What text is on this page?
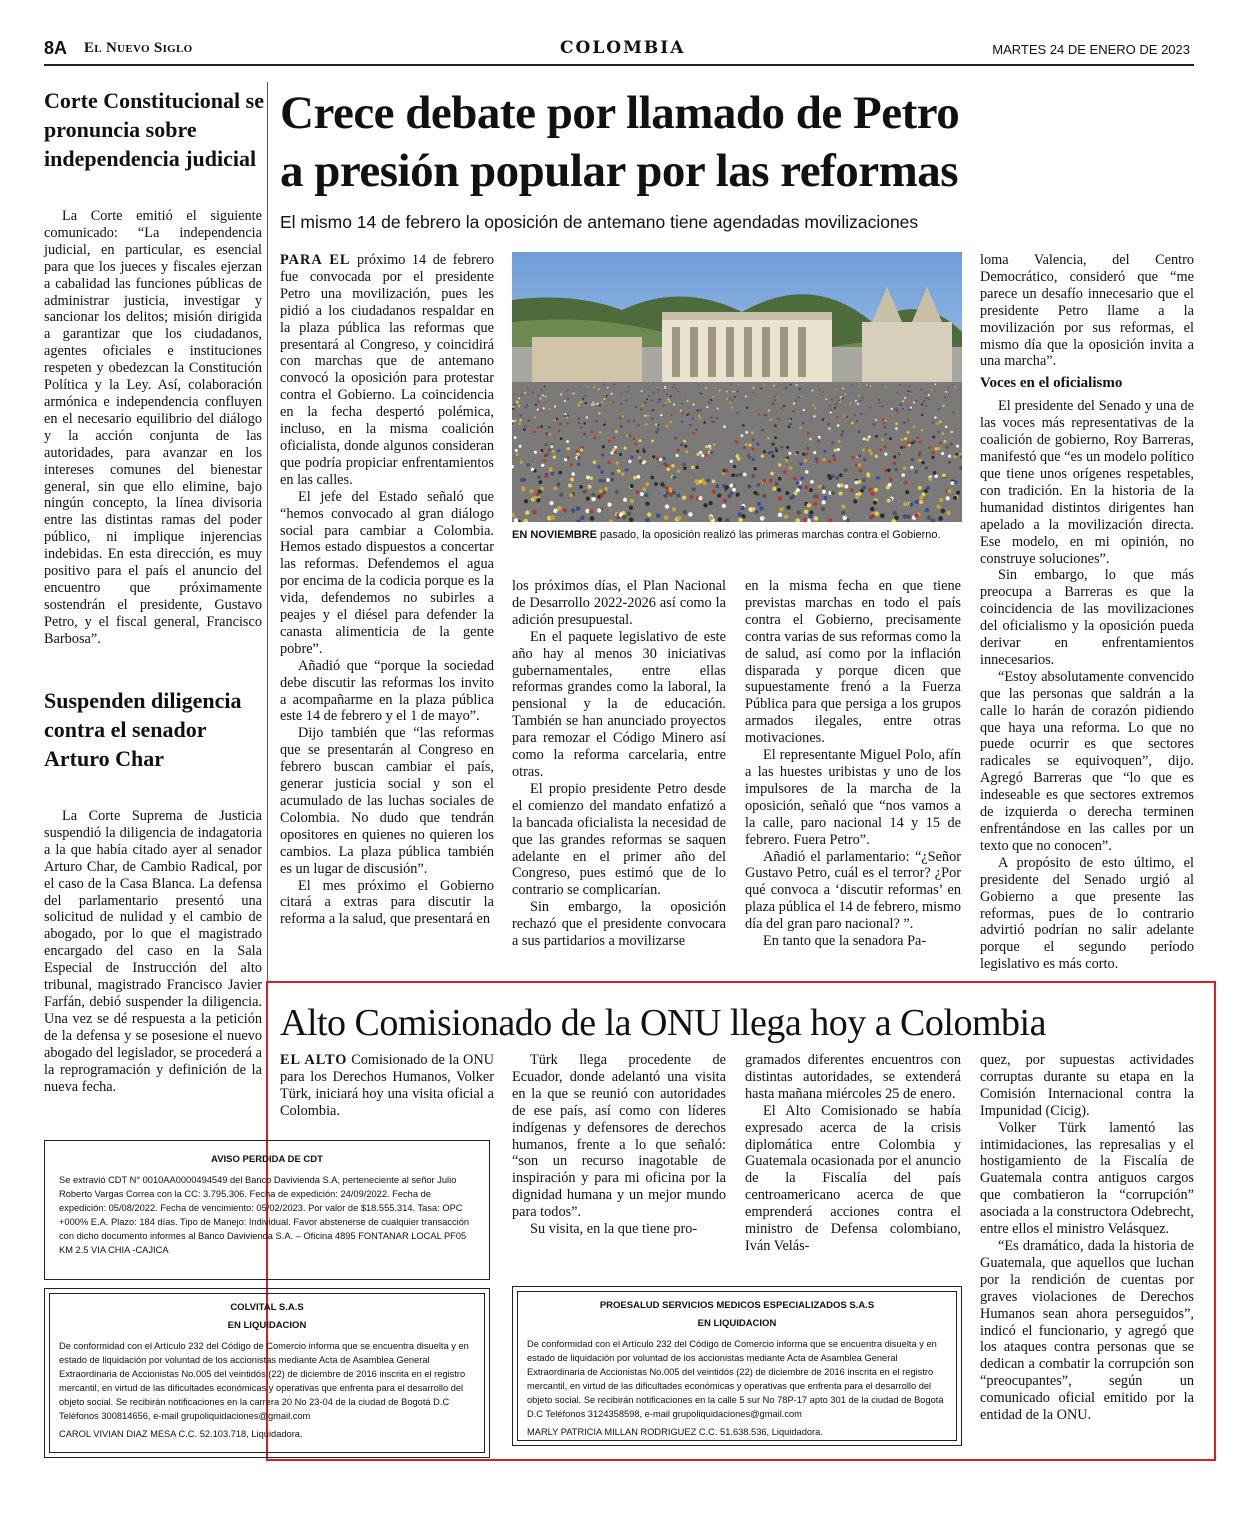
8A El Nuevo Siglo	COLOMBIA	MARTES 24 DE ENERO DE 2023
Corte Constitucional se pronuncia sobre independencia judicial

La Corte emitió el siguiente comunicado: “La independencia judicial, en particular, es esencial para que los jueces y fiscales ejerzan a cabalidad las funciones públicas de administrar justicia, investigar y sancionar los delitos; misión dirigida a garantizar que los ciudadanos, agentes oficiales e instituciones respeten y obedezcan la Constitución Política y la Ley. Así, colaboración armónica e independencia confluyen en el necesario equilibrio del diálogo y la acción conjunta de las autoridades, para avanzar en los intereses comunes del bienestar general, sin que ello elimine, bajo ningún concepto, la línea divisoria entre las distintas ramas del poder público, ni implique injerencias indebidas. En esta dirección, es muy positivo para el país el anuncio del encuentro que próximamente sostendrán el presidente, Gustavo Petro, y el fiscal general, Francisco Barbosa”.

Suspenden diligencia contra el senador Arturo Char

La Corte Suprema de Justicia suspendió la diligencia de indagatoria a la que había citado ayer al senador Arturo Char, de Cambio Radical, por el caso de la Casa Blanca. La defensa del parlamentario presentó una solicitud de nulidad y el cambio de abogado, por lo que el magistrado encargado del caso en la Sala Especial de Instrucción del alto tribunal, magistrado Francisco Javier Farfán, debió suspender la diligencia. Una vez se dé respuesta a la petición de la defensa y se posesione el nuevo abogado del legislador, se procederá a la reprogramación y definición de la nueva fecha.

Crece debate por llamado de Petro
a presión popular por las reformas
El mismo 14 de febrero la oposición de antemano tiene agendadas movilizaciones

PARA EL próximo 14 de febrero fue convocada por el presidente Petro una movilización, pues les pidió a los ciudadanos respaldar en la plaza pública las reformas que presentará al Congreso, y coincidirá con marchas que de antemano convocó la oposición para protestar contra el Gobierno. La coincidencia en la fecha despertó polémica, incluso, en la misma coalición oficialista, donde algunos consideran que podría propiciar enfrentamientos en las calles.

El jefe del Estado señaló que “hemos convocado al gran diálogo social para cambiar a Colombia. Hemos estado dispuestos a concertar las reformas. Defendemos el agua por encima de la codicia porque es la vida, defendemos no subirles a peajes y el diésel para defender la canasta alimenticia de la gente pobre”.

Añadió que “porque la sociedad debe discutir las reformas los invito a acompañarme en la plaza pública este 14 de febrero y el 1 de mayo”.

Dijo también que “las reformas que se presentarán al Congreso en febrero buscan cambiar el país, generar justicia social y son el acumulado de las luchas sociales de Colombia. No dudo que tendrán opositores en quienes no quieren los cambios. La plaza pública también es un lugar de discusión”.

El mes próximo el Gobierno citará a extras para discutir la reforma a la salud, que presentará en

EN NOVIEMBRE pasado, la oposición realizó las primeras marchas contra el Gobierno.

los próximos días, el Plan Nacional de Desarrollo 2022-2026 así como la adición presupuestal.

En el paquete legislativo de este año hay al menos 30 iniciativas gubernamentales, entre ellas reformas grandes como la laboral, la pensional y la de educación. También se han anunciado proyectos para remozar el Código Minero así como la reforma carcelaria, entre otras.

El propio presidente Petro desde el comienzo del mandato enfatizó a la bancada oficialista la necesidad de que las grandes reformas se saquen adelante en el primer año del Congreso, pues estimó que de lo contrario se complicarían.

Sin embargo, la oposición rechazó que el presidente convocara a sus partidarios a movilizarse

en la misma fecha en que tiene previstas marchas en todo el país contra el Gobierno, precisamente contra varias de sus reformas como la de salud, así como por la inflación disparada y porque dicen que supuestamente frenó a la Fuerza Pública para que persiga a los grupos armados ilegales, entre otras motivaciones.

El representante Miguel Polo, afín a las huestes uribistas y uno de los impulsores de la marcha de la oposición, señaló que “nos vamos a la calle, paro nacional 14 y 15 de febrero. Fuera Petro”.

Añadió el parlamentario: “¿Señor Gustavo Petro, cuál es el terror? ¿Por qué convoca a ‘discutir reformas’ en plaza pública el 14 de febrero, mismo día del gran paro nacional? ”.

En tanto que la senadora Pa-

loma Valencia, del Centro Democrático, consideró que “me parece un desafío innecesario que el presidente Petro llame a la movilización por sus reformas, el mismo día que la oposición invita a una marcha”.

Voces en el oficialismo

El presidente del Senado y una de las voces más representativas de la coalición de gobierno, Roy Barreras, manifestó que “es un modelo político que tiene unos orígenes respetables, con tradición. En la historia de la humanidad distintos dirigentes han apelado a la movilización directa. Ese modelo, en mi opinión, no construye soluciones”.

Sin embargo, lo que más preocupa a Barreras es que la coincidencia de las movilizaciones del oficialismo y la oposición pueda derivar en enfrentamientos innecesarios.

“Estoy absolutamente convencido que las personas que saldrán a la calle lo harán de corazón pidiendo que haya una reforma. Lo que no puede ocurrir es que sectores radicales se equivoquen”, dijo. Agregó Barreras que “lo que es indeseable es que sectores extremos de izquierda o derecha terminen enfrentándose en las calles por un texto que no conocen”.

A propósito de esto último, el presidente del Senado urgió al Gobierno a que presente las reformas, pues de lo contrario advirtió podrían no salir adelante porque el segundo período legislativo es más corto.

Alto Comisionado de la ONU llega hoy a Colombia

EL ALTO Comisionado de la ONU para los Derechos Humanos, Volker Türk, iniciará hoy una visita oficial a Colombia.

Türk llega procedente de Ecuador, donde adelantó una visita en la que se reunió con autoridades de ese país, así como con líderes indígenas y defensores de derechos humanos, frente a lo que señaló: “son un recurso inagotable de inspiración y para mi oficina por la dignidad humana y un mejor mundo para todos”.

Su visita, en la que tiene pro-

gramados diferentes encuentros con distintas autoridades, se extenderá hasta mañana miércoles 25 de enero.

El Alto Comisionado se había expresado acerca de la crisis diplomática entre Colombia y Guatemala ocasionada por el anuncio de la Fiscalía del país centroamericano acerca de que emprenderá acciones contra el ministro de Defensa colombiano, Iván Velás-

quez, por supuestas actividades corruptas durante su etapa en la Comisión Internacional contra la Impunidad (Cicig).

Volker Türk lamentó las intimidaciones, las represalias y el hostigamiento de la Fiscalía de Guatemala contra antiguos cargos que combatieron la “corrupción” asociada a la constructora Odebrecht, entre ellos el ministro Velásquez.

“Es dramático, dada la historia de Guatemala, que aquellos que luchan por la rendición de cuentas por graves violaciones de Derechos Humanos sean ahora perseguidos”, indicó el funcionario, y agregó que los ataques contra personas que se dedican a combatir la corrupción son “preocupantes”, según un comunicado oficial emitido por la entidad de la ONU.

AVISO PERDIDA DE CDT
Se extravió CDT N° 0010AA0000494549 del Banco Davivienda S.A, perteneciente al señor Julio Roberto Vargas Correa con la CC: 3.795.306. Fecha de expedición: 24/09/2022. Fecha de expedición: 05/08/2022. Fecha de vencimiento: 05/02/2023. Por valor de $18.555.314. Tasa: OPC +000% E.A. Plazo: 184 días. Tipo de Manejo: Individual. Favor abstenerse de cualquier transacción con dicho documento informes al Banco Davivienda S.A. – Oficina 4895 FONTANAR LOCAL PF05 KM 2.5 VIA CHIA -CAJICA
COLVITAL S.A.S
EN LIQUIDACION
De conformidad con el Artículo 232 del Código de Comercio informa que se encuentra disuelta y en estado de liquidación por voluntad de los accionistas mediante Acta de Asamblea General Extraordinaria de Accionistas No.005 del veintidós (22) de diciembre de 2016 inscrita en el registro mercantil, en virtud de las dificultades económicas y operativas que enfrenta para el desarrollo del objeto social. Se recibirán notificaciones en la carrera 20 No 23-04 de la ciudad de Bogotá D.C Teléfonos 300814656, e-mail grupoliquidaciones@gmail.com
CAROL VIVIAN DIAZ MESA C.C. 52.103.718, Liquidadora.
PROESALUD SERVICIOS MEDICOS ESPECIALIZADOS S.A.S
EN LIQUIDACION
De conformidad con el Artículo 232 del Código de Comercio informa que se encuentra disuelta y en estado de liquidación por voluntad de los accionistas mediante Acta de Asamblea General Extraordinaria de Accionistas No.005 del veintidós (22) de diciembre de 2016 inscrita en el registro mercantil, en virtud de las dificultades económicas y operativas que enfrenta para el desarrollo del objeto social. Se recibirán notificaciones en la calle 5 sur No 78P-17 apto 301 de la ciudad de Bogotá D.C Teléfonos 3124358598, e-mail grupoliquidaciones@gmail.com
MARLY PATRICIA MILLAN RODRIGUEZ C.C. 51.638.536, Liquidadora.
